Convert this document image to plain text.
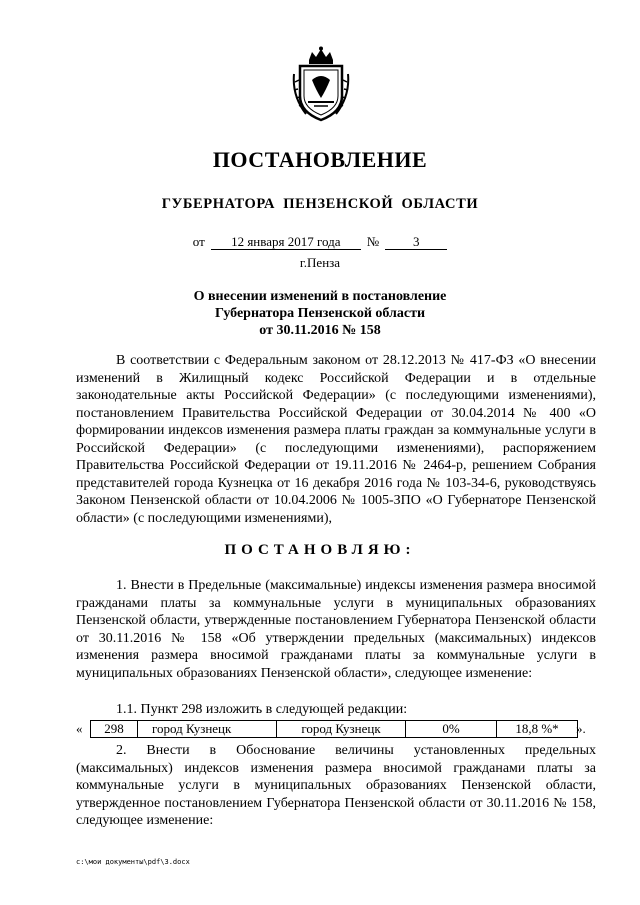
ПОСТАНОВЛЕНИЕ
ГУБЕРНАТОРА ПЕНЗЕНСКОЙ ОБЛАСТИ
от 12 января 2017 года №	3
г.Пенза
О внесении изменений в постановление
Губернатора Пензенской области
от 30.11.2016 № 158

В соответствии с Федеральным законом от 28.12.2013 № 417-ФЗ «О внесении изменений в Жилищный кодекс Российской Федерации и в отдельные законодательные акты Российской Федерации» (с последующими изменениями), постановлением Правительства Российской Федерации от 30.04.2014 № 400 «О формировании индексов изменения размера платы граждан за коммунальные услуги в Российской Федерации» (с последующими изменениями), распоряжением Правительства Российской Федерации от 19.11.2016 № 2464-р, решением Собрания представителей города Кузнецка от 16 декабря 2016 года № 103-34-6, руководствуясь Законом Пензенской области от 10.04.2006 № 1005-ЗПО «О Губернаторе Пензенской области» (с последующими изменениями),

ПОСТАНОВЛЯЮ:

1. Внести в Предельные (максимальные) индексы изменения размера вносимой гражданами платы за коммунальные услуги в муниципальных образованиях Пензенской области, утвержденные постановлением Губернатора Пензенской области от 30.11.2016 № 158 «Об утверждении предельных (максимальных) индексов изменения размера вносимой гражданами платы за коммунальные услуги в муниципальных образованиях Пензенской области», следующее изменение:

1.1. Пункт 298 изложить в следующей редакции:
« 298	город Кузнецк	город Кузнецк	0%	18,8 %* ».

2. Внести в Обоснование величины установленных предельных (максимальных) индексов изменения размера вносимой гражданами платы за коммунальные услуги в муниципальных образованиях Пензенской области, утвержденное постановлением Губернатора Пензенской области от 30.11.2016 № 158, следующее изменение:

c:\мои документы\pdf\3.docx
